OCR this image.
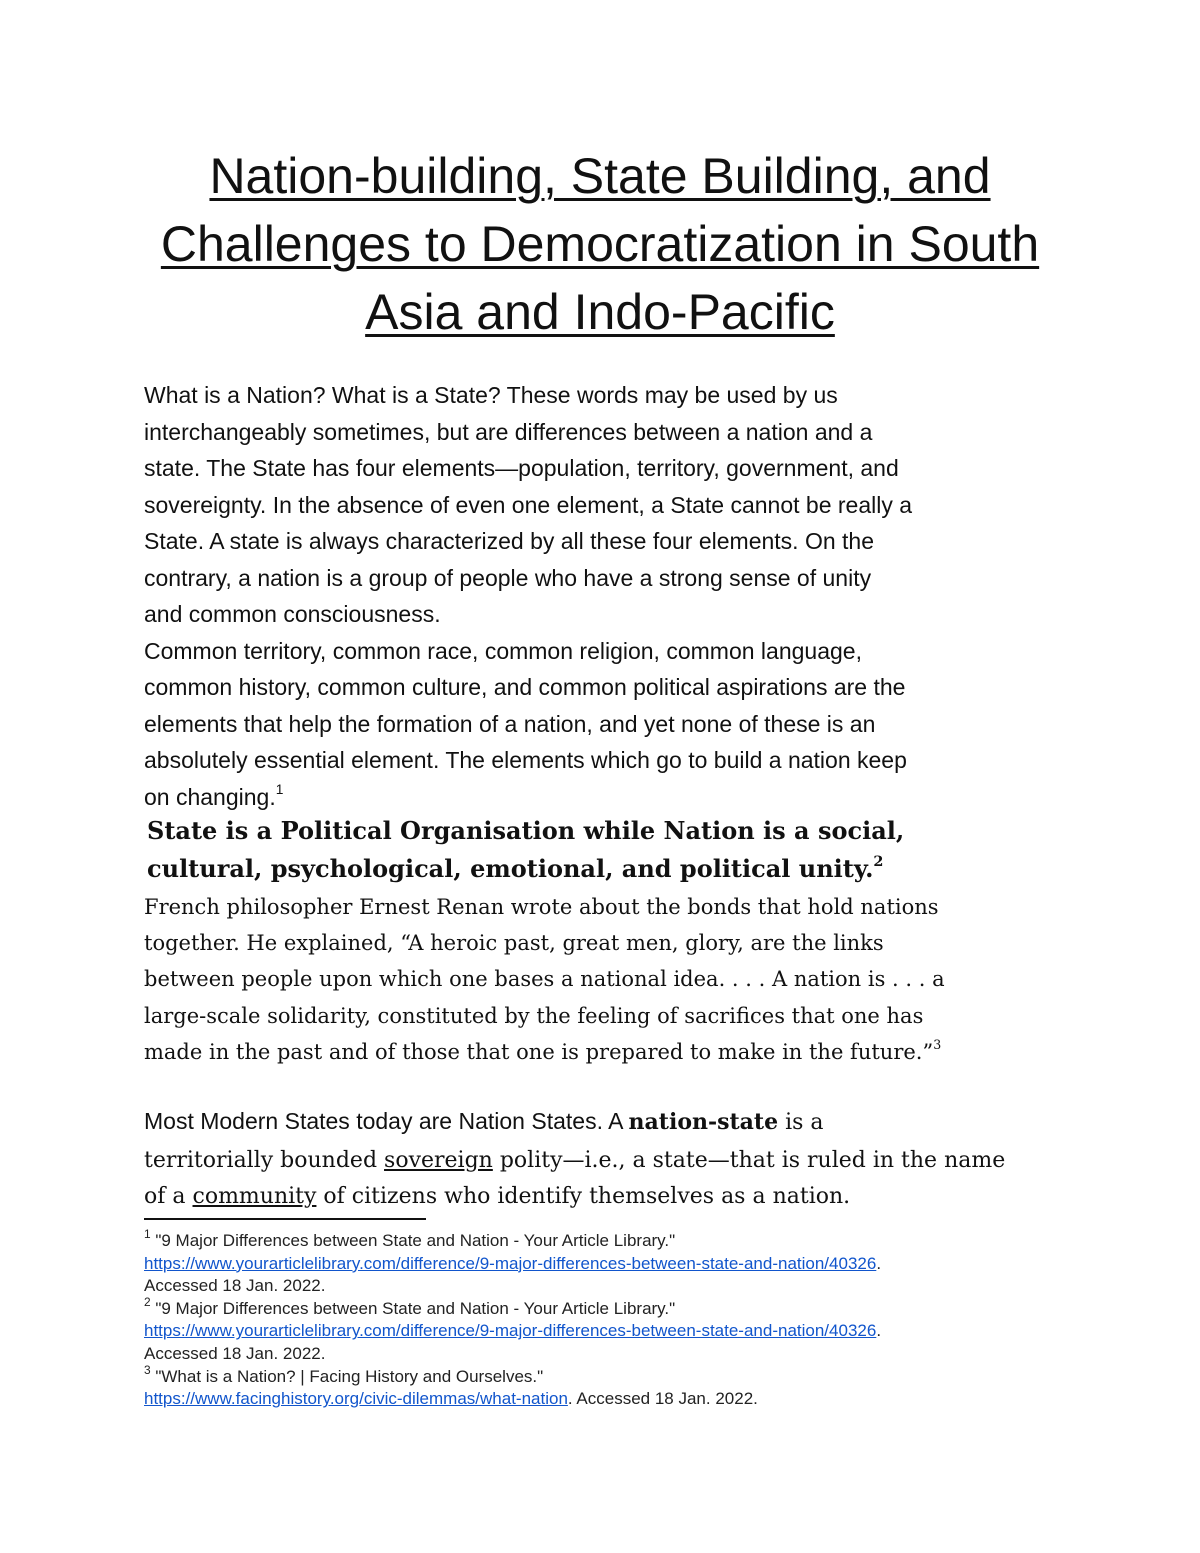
Nation-building, State Building, and
Challenges to Democratization in South
Asia and Indo-Pacific
What is a Nation? What is a State? These words may be used by us
interchangeably sometimes, but are differences between a nation and a
state. The State has four elements—population, territory, government, and
sovereignty. In the absence of even one element, a State cannot be really a
State. A state is always characterized by all these four elements. On the
contrary, a nation is a group of people who have a strong sense of unity
and common consciousness.
Common territory, common race, common religion, common language,
common history, common culture, and common political aspirations are the
elements that help the formation of a nation, and yet none of these is an
absolutely essential element. The elements which go to build a nation keep
on changing.$^1$
State is a Political Organisation while Nation is a social,
cultural, psychological, emotional, and political unity.$^2$
French philosopher Ernest Renan wrote about the bonds that hold nations
together. He explained, “A heroic past, great men, glory, are the links
between people upon which one bases a national idea. . . . A nation is . . . a
large-scale solidarity, constituted by the feeling of sacrifices that one has
made in the past and of those that one is prepared to make in the future.”$^3$
Most Modern States today are Nation States. A nation-state is a
territorially bounded sovereign polity—i.e., a state—that is ruled in the name
of a community of citizens who identify themselves as a nation.
$^1$ "9 Major Differences between State and Nation - Your Article Library."
https://www.yourarticlelibrary.com/difference/9-major-differences-between-state-and-nation/40326.
Accessed 18 Jan. 2022.
$^2$ "9 Major Differences between State and Nation - Your Article Library."
https://www.yourarticlelibrary.com/difference/9-major-differences-between-state-and-nation/40326.
Accessed 18 Jan. 2022.
$^3$ "What is a Nation? | Facing History and Ourselves."
https://www.facinghistory.org/civic-dilemmas/what-nation. Accessed 18 Jan. 2022.
